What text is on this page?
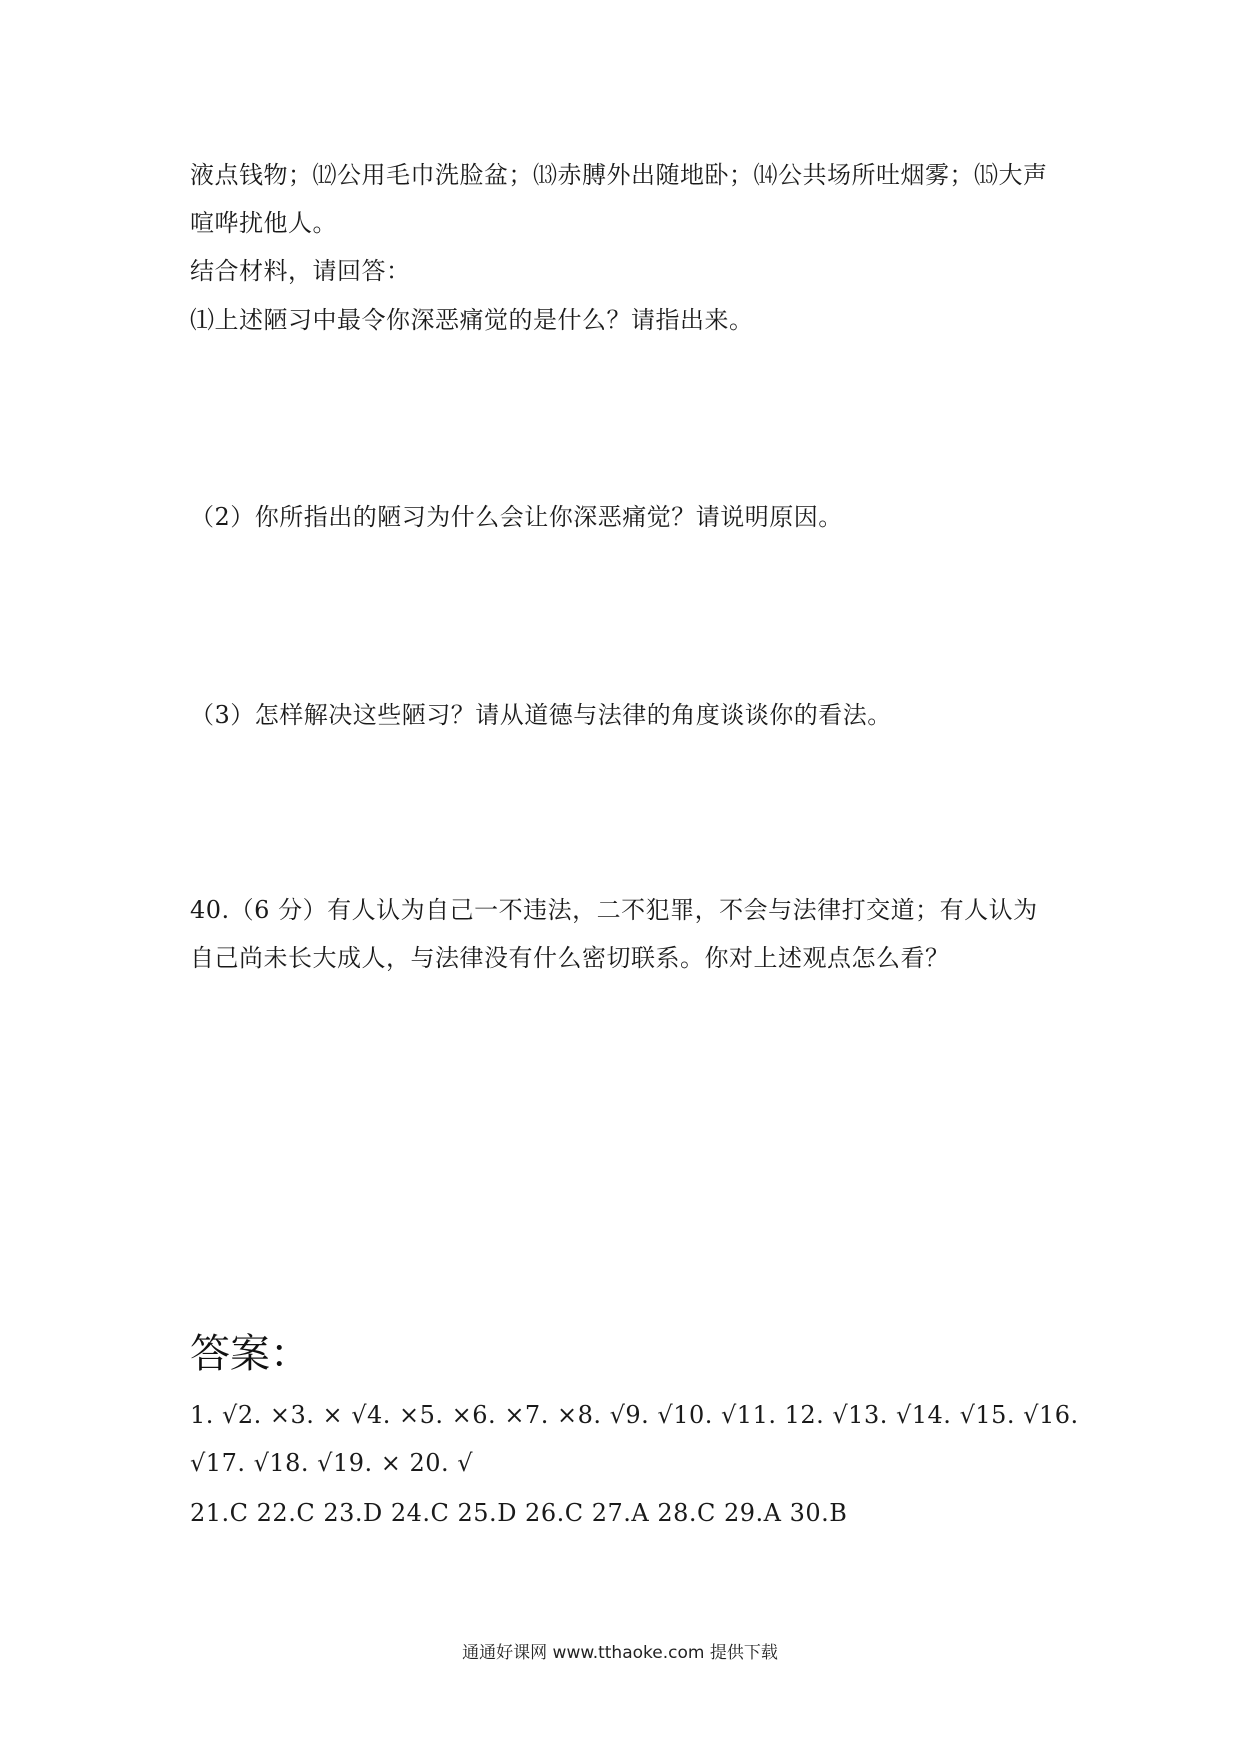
液点钱物；⑿公用毛巾洗脸盆；⒀赤膊外出随地卧；⒁公共场所吐烟雾；⒂大声
喧哗扰他人。
结合材料，请回答：
⑴上述陋习中最令你深恶痛觉的是什么？请指出来。
（2）你所指出的陋习为什么会让你深恶痛觉？请说明原因。
（3）怎样解决这些陋习？请从道德与法律的角度谈谈你的看法。
40.（6 分）有人认为自己一不违法，二不犯罪，不会与法律打交道；有人认为
自己尚未长大成人，与法律没有什么密切联系。你对上述观点怎么看？
答案：
1. √2. ×3. × √4. ×5. ×6. ×7. ×8. √9. √10. √11. 12. √13. √14. √15. √16.
√17. √18. √19. × 20. √
21.C 22.C 23.D 24.C 25.D 26.C 27.A 28.C 29.A 30.B
通通好课网 www.tthaoke.com 提供下载
